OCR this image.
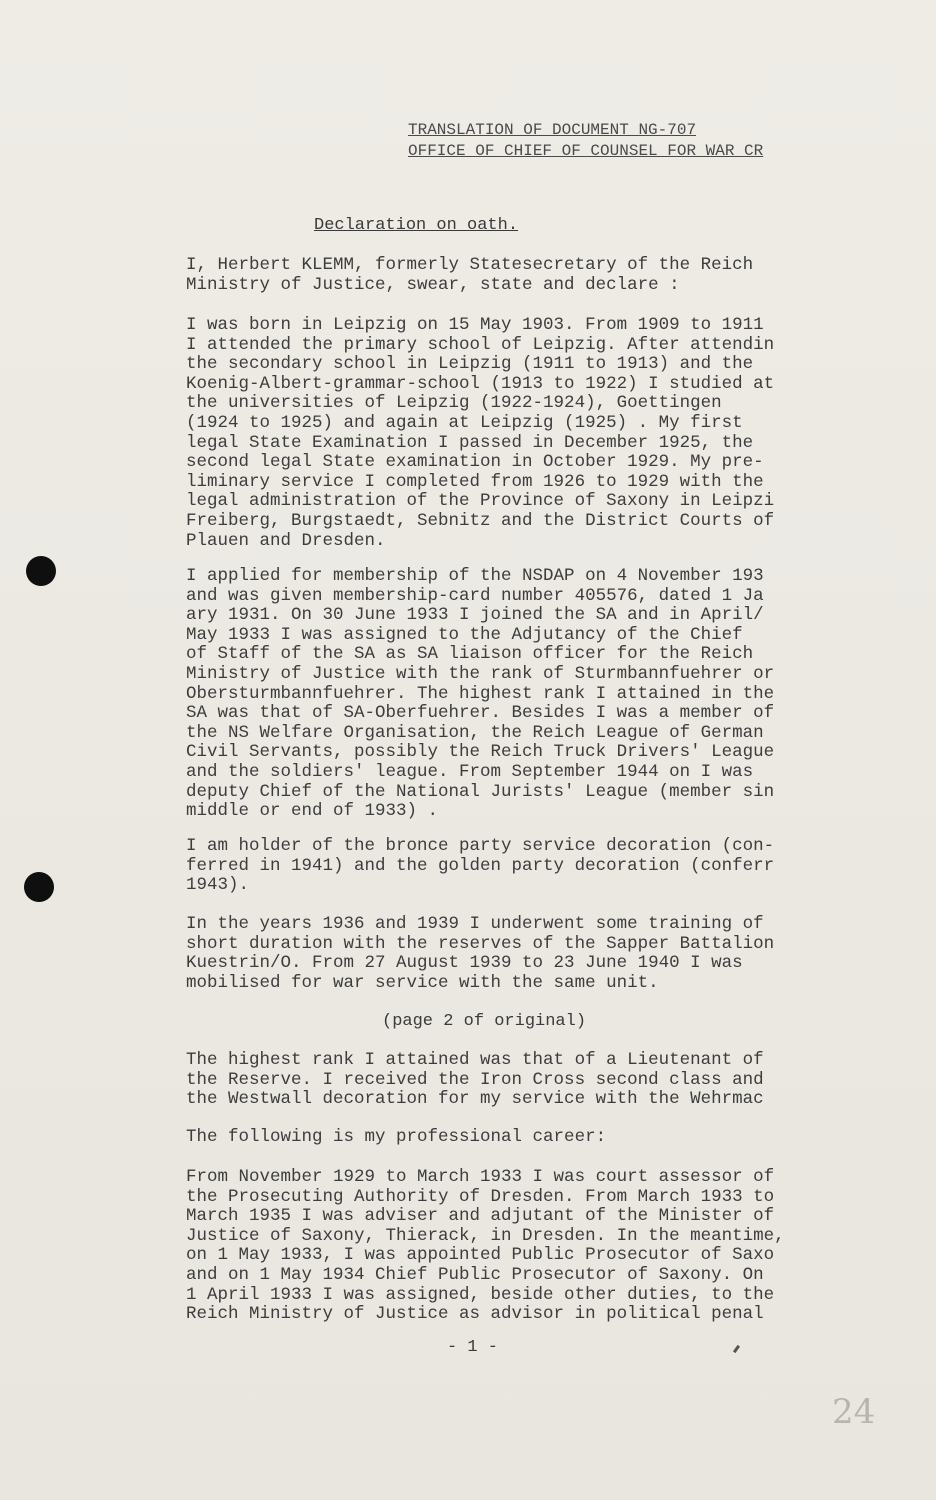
TRANSLATION OF DOCUMENT NG-707
OFFICE OF CHIEF OF COUNSEL FOR WAR CR
Declaration on oath.
I, Herbert KLEMM, formerly Statesecretary of the Reich
Ministry of Justice, swear, state and declare :
I was born in Leipzig on 15 May 1903. From 1909 to 1911
I attended the primary school of Leipzig. After attendin
the secondary school in Leipzig (1911 to 1913) and the
Koenig-Albert-grammar-school (1913 to 1922) I studied at
the universities of Leipzig (1922-1924), Goettingen
(1924 to 1925) and again at Leipzig (1925) . My first
legal State Examination I passed in December 1925, the
second legal State examination in October 1929. My pre-
liminary service I completed from 1926 to 1929 with the
legal administration of the Province of Saxony in Leipzi
Freiberg, Burgstaedt, Sebnitz and the District Courts of
Plauen and Dresden.
I applied for membership of the NSDAP on 4 November 193
and was given membership-card number 405576, dated 1 Ja
ary 1931. On 30 June 1933 I joined the SA and in April/
May 1933 I was assigned to the Adjutancy of the Chief
of Staff of the SA as SA liaison officer for the Reich
Ministry of Justice with the rank of Sturmbannfuehrer or
Obersturmbannfuehrer. The highest rank I attained in the
SA was that of SA-Oberfuehrer. Besides I was a member of
the NS Welfare Organisation, the Reich League of German
Civil Servants, possibly the Reich Truck Drivers' League
and the soldiers' league. From September 1944 on I was
deputy Chief of the National Jurists' League (member sin
middle or end of 1933) .
I am holder of the bronce party service decoration (con-
ferred in 1941) and the golden party decoration (conferr
1943).
In the years 1936 and 1939 I underwent some training of
short duration with the reserves of the Sapper Battalion
Kuestrin/O. From 27 August 1939 to 23 June 1940 I was
mobilised for war service with the same unit.
(page 2 of original)
The highest rank I attained was that of a Lieutenant of
the Reserve. I received the Iron Cross second class and
the Westwall decoration for my service with the Wehrmac
The following is my professional career:
From November 1929 to March 1933 I was court assessor of
the Prosecuting Authority of Dresden. From March 1933 to
March 1935 I was adviser and adjutant of the Minister of
Justice of Saxony, Thierack, in Dresden. In the meantime,
on 1 May 1933, I was appointed Public Prosecutor of Saxo
and on 1 May 1934 Chief Public Prosecutor of Saxony. On
1 April 1933 I was assigned, beside other duties, to the
Reich Ministry of Justice as advisor in political penal
- 1 -
24
